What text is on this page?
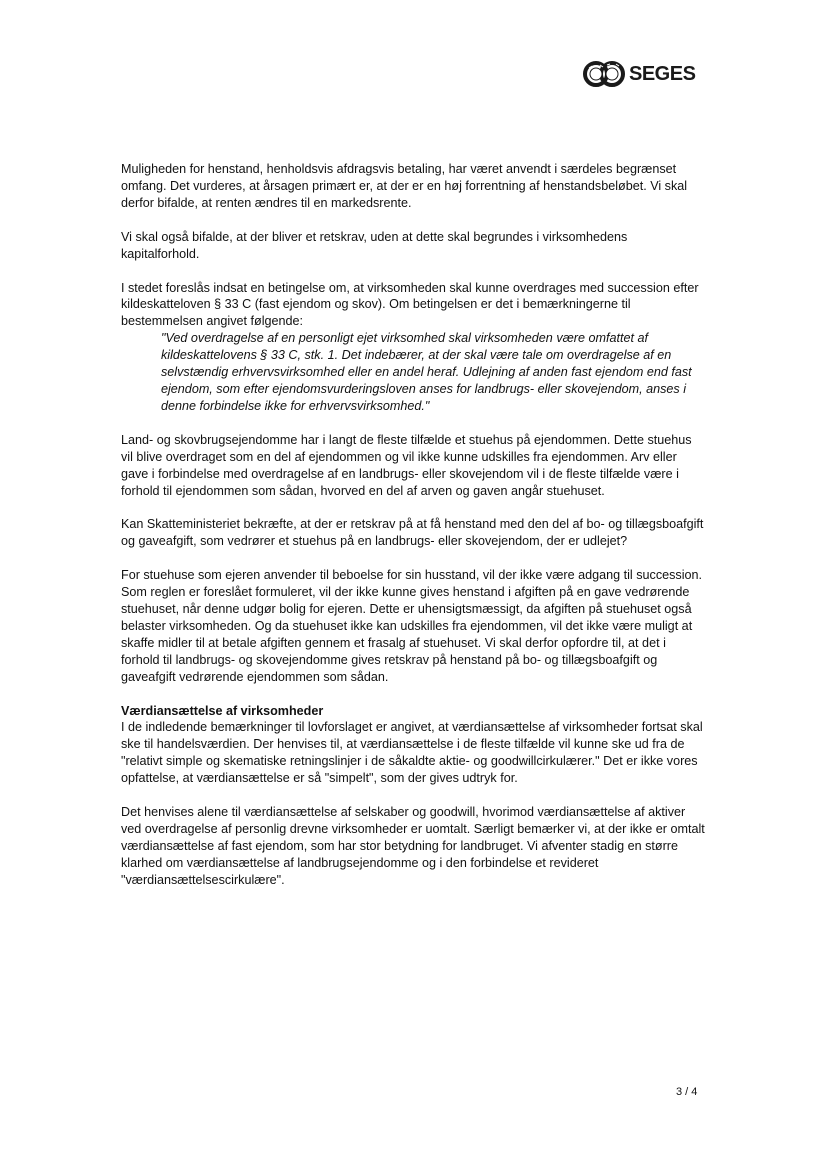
SEGES

Muligheden for henstand, henholdsvis afdragsvis betaling, har været anvendt i særdeles begrænset omfang. Det vurderes, at årsagen primært er, at der er en høj forrentning af henstandsbeløbet. Vi skal derfor bifalde, at renten ændres til en markedsrente.

Vi skal også bifalde, at der bliver et retskrav, uden at dette skal begrundes i virksomhedens kapitalforhold.

I stedet foreslås indsat en betingelse om, at virksomheden skal kunne overdrages med succession efter kildeskatteloven § 33 C (fast ejendom og skov). Om betingelsen er det i bemærkningerne til bestemmelsen angivet følgende:
"Ved overdragelse af en personligt ejet virksomhed skal virksomheden være omfattet af kildeskattelovens § 33 C, stk. 1. Det indebærer, at der skal være tale om overdragelse af en selvstændig erhvervsvirksomhed eller en andel heraf. Udlejning af anden fast ejendom end fast ejendom, som efter ejendomsvurderingsloven anses for landbrugs- eller skovejendom, anses i denne forbindelse ikke for erhvervsvirksomhed."

Land- og skovbrugsejendomme har i langt de fleste tilfælde et stuehus på ejendommen. Dette stuehus vil blive overdraget som en del af ejendommen og vil ikke kunne udskilles fra ejendommen. Arv eller gave i forbindelse med overdragelse af en landbrugs- eller skovejendom vil i de fleste tilfælde være i forhold til ejendommen som sådan, hvorved en del af arven og gaven angår stuehuset.

Kan Skatteministeriet bekræfte, at der er retskrav på at få henstand med den del af bo- og tillægsboafgift og gaveafgift, som vedrører et stuehus på en landbrugs- eller skovejendom, der er udlejet?

For stuehuse som ejeren anvender til beboelse for sin husstand, vil der ikke være adgang til succession. Som reglen er foreslået formuleret, vil der ikke kunne gives henstand i afgiften på en gave vedrørende stuehuset, når denne udgør bolig for ejeren. Dette er uhensigtsmæssigt, da afgiften på stuehuset også belaster virksomheden. Og da stuehuset ikke kan udskilles fra ejendommen, vil det ikke være muligt at skaffe midler til at betale afgiften gennem et frasalg af stuehuset. Vi skal derfor opfordre til, at det i forhold til landbrugs- og skovejendomme gives retskrav på henstand på bo- og tillægsboafgift og gaveafgift vedrørende ejendommen som sådan.

Værdiansættelse af virksomheder

I de indledende bemærkninger til lovforslaget er angivet, at værdiansættelse af virksomheder fortsat skal ske til handelsværdien. Der henvises til, at værdiansættelse i de fleste tilfælde vil kunne ske ud fra de "relativt simple og skematiske retningslinjer i de såkaldte aktie- og goodwillcirkulærer." Det er ikke vores opfattelse, at værdiansættelse er så "simpelt", som der gives udtryk for.

Det henvises alene til værdiansættelse af selskaber og goodwill, hvorimod værdiansættelse af aktiver ved overdragelse af personlig drevne virksomheder er uomtalt. Særligt bemærker vi, at der ikke er omtalt værdiansættelse af fast ejendom, som har stor betydning for landbruget. Vi afventer stadig en større klarhed om værdiansættelse af landbrugsejendomme og i den forbindelse et revideret "værdiansættelsescirkulære".

3 / 4
